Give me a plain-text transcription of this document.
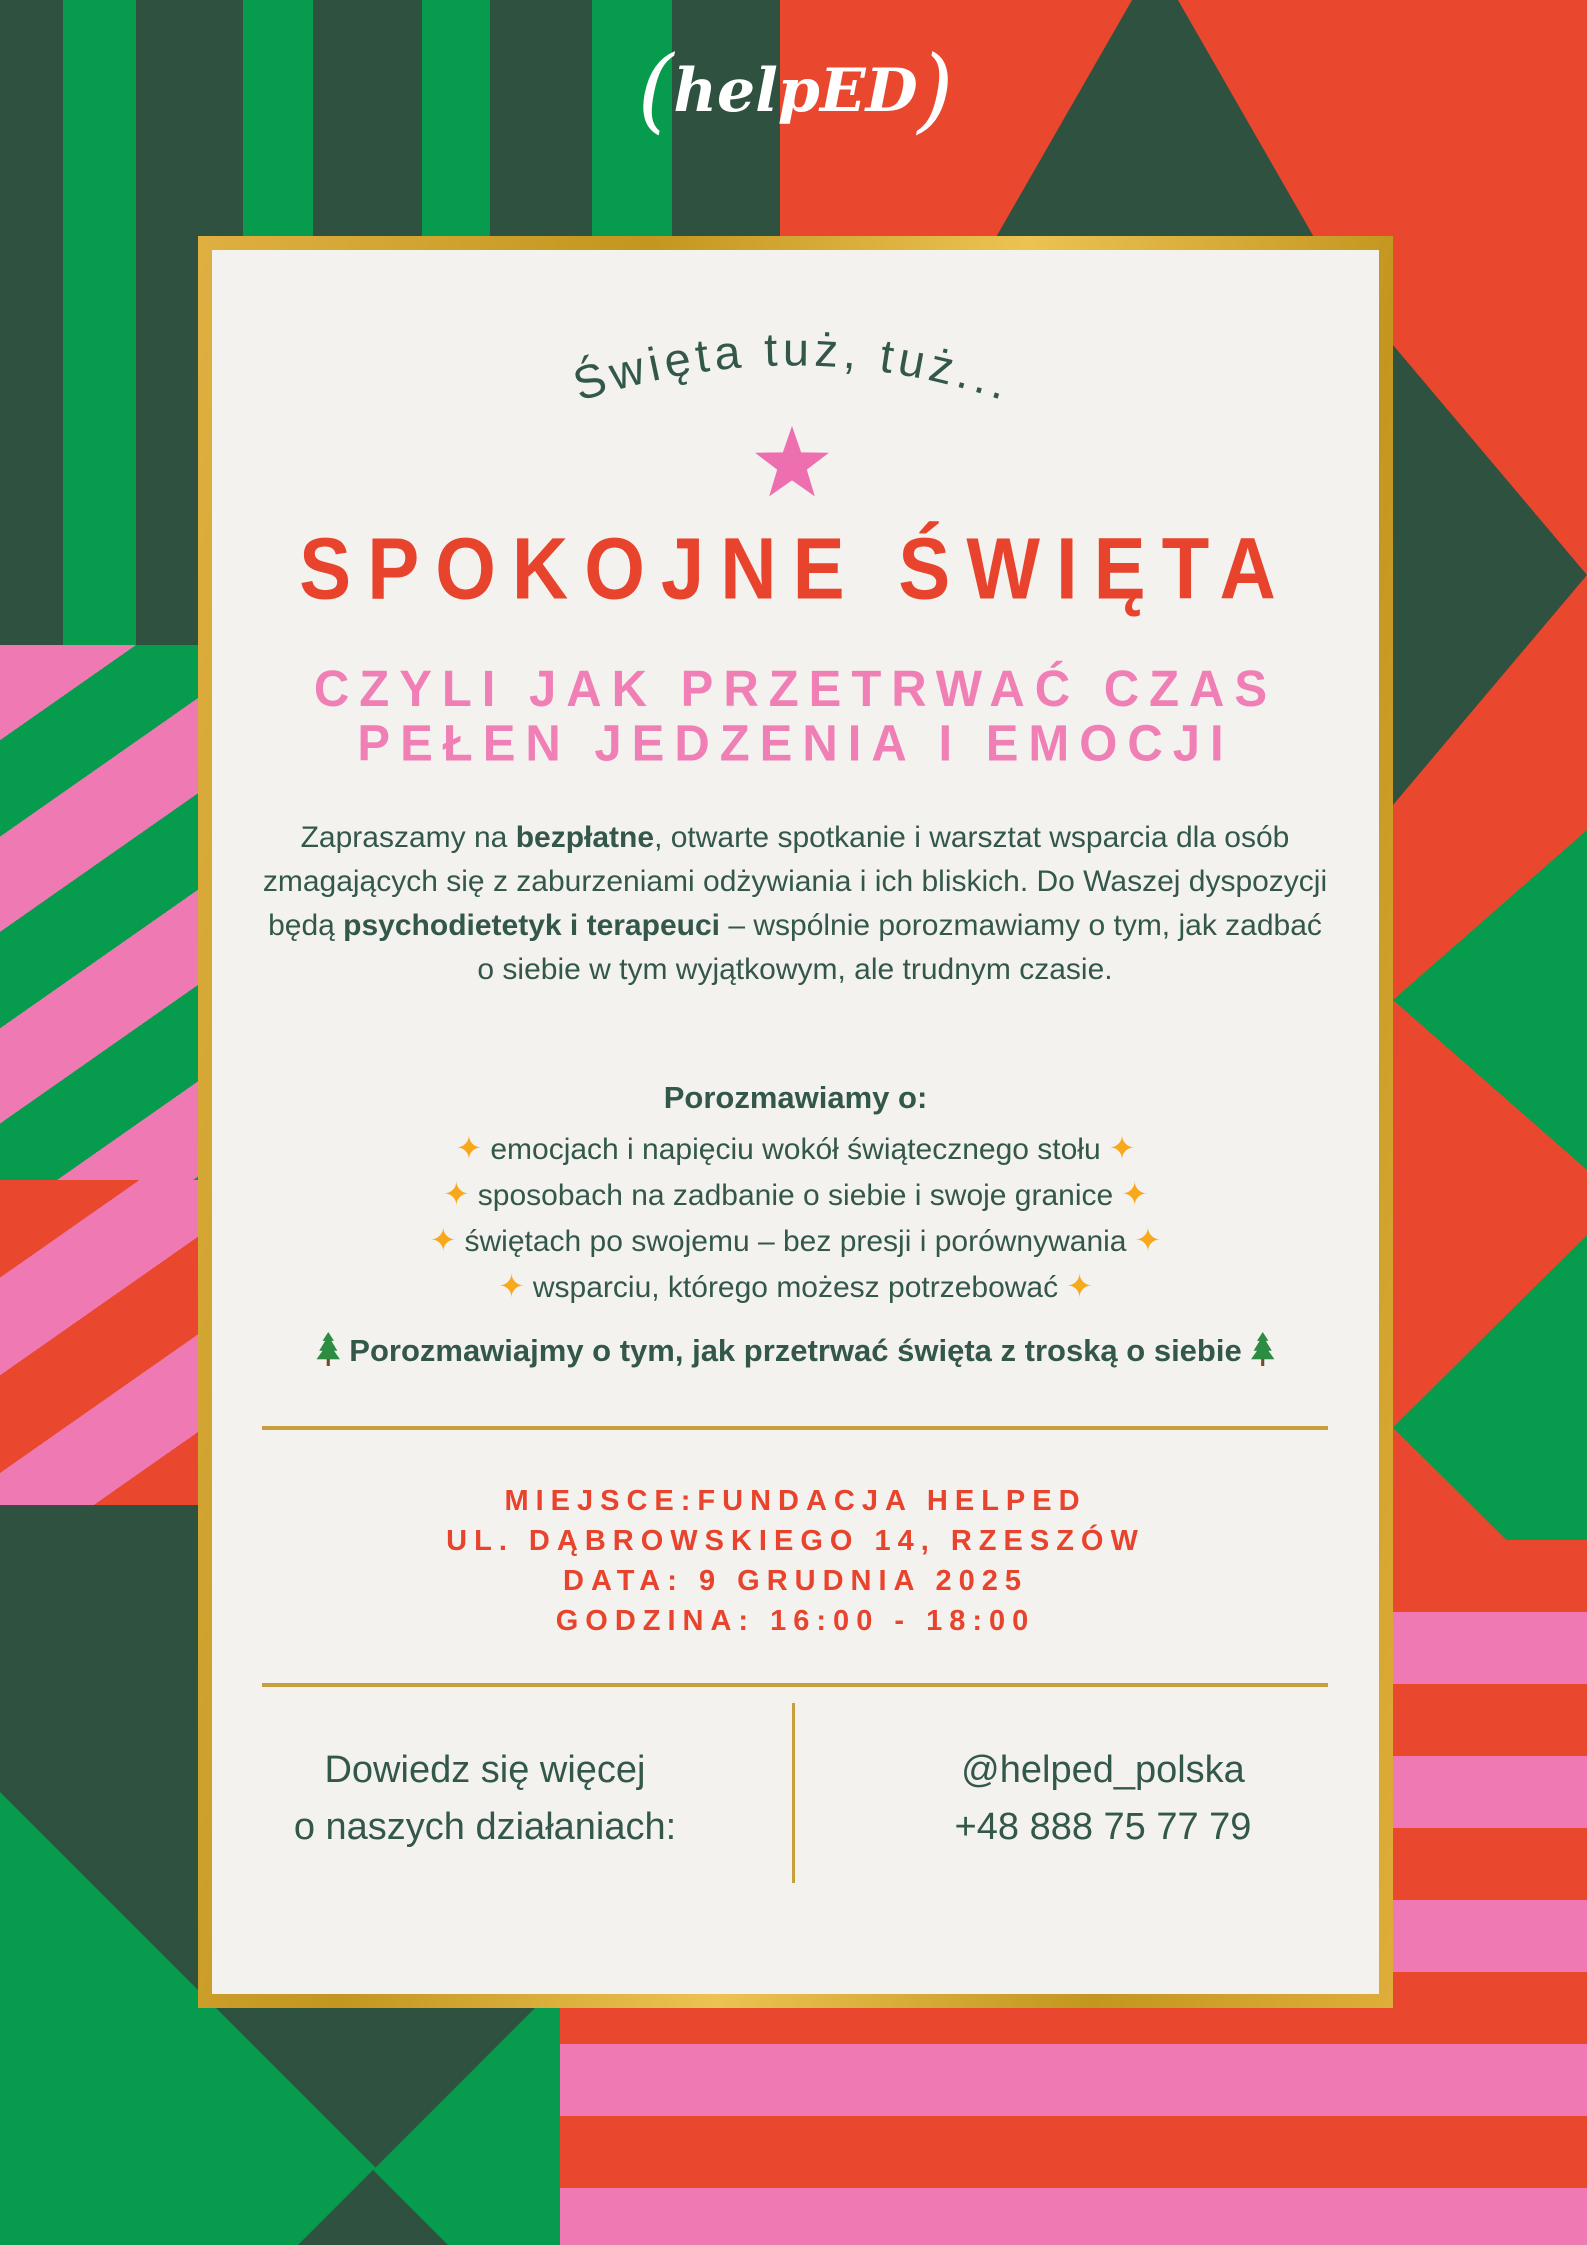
(helpED)
Święta tuż, tuż...
SPOKOJNE ŚWIĘTA
CZYLI JAK PRZETRWAĆ CZAS
PEŁEN JEDZENIA I EMOCJI

Zapraszamy na bezpłatne, otwarte spotkanie i warsztat wsparcia dla osób zmagających się z zaburzeniami odżywiania i ich bliskich. Do Waszej dyspozycji będą psychodietetyk i terapeuci – wspólnie porozmawiamy o tym, jak zadbać o siebie w tym wyjątkowym, ale trudnym czasie.

Porozmawiamy o:
✦ emocjach i napięciu wokół świątecznego stołu ✦
✦ sposobach na zadbanie o siebie i swoje granice ✦
✦ świętach po swojemu – bez presji i porównywania ✦
✦ wsparciu, którego możesz potrzebować ✦
Porozmawiajmy o tym, jak przetrwać święta z troską o siebie
MIEJSCE:FUNDACJA HELPED
UL. DĄBROWSKIEGO 14, RZESZÓW
DATA: 9 GRUDNIA 2025
GODZINA: 16:00 - 18:00
Dowiedz się więcej
o naszych działaniach:
@helped_polska
+48 888 75 77 79
